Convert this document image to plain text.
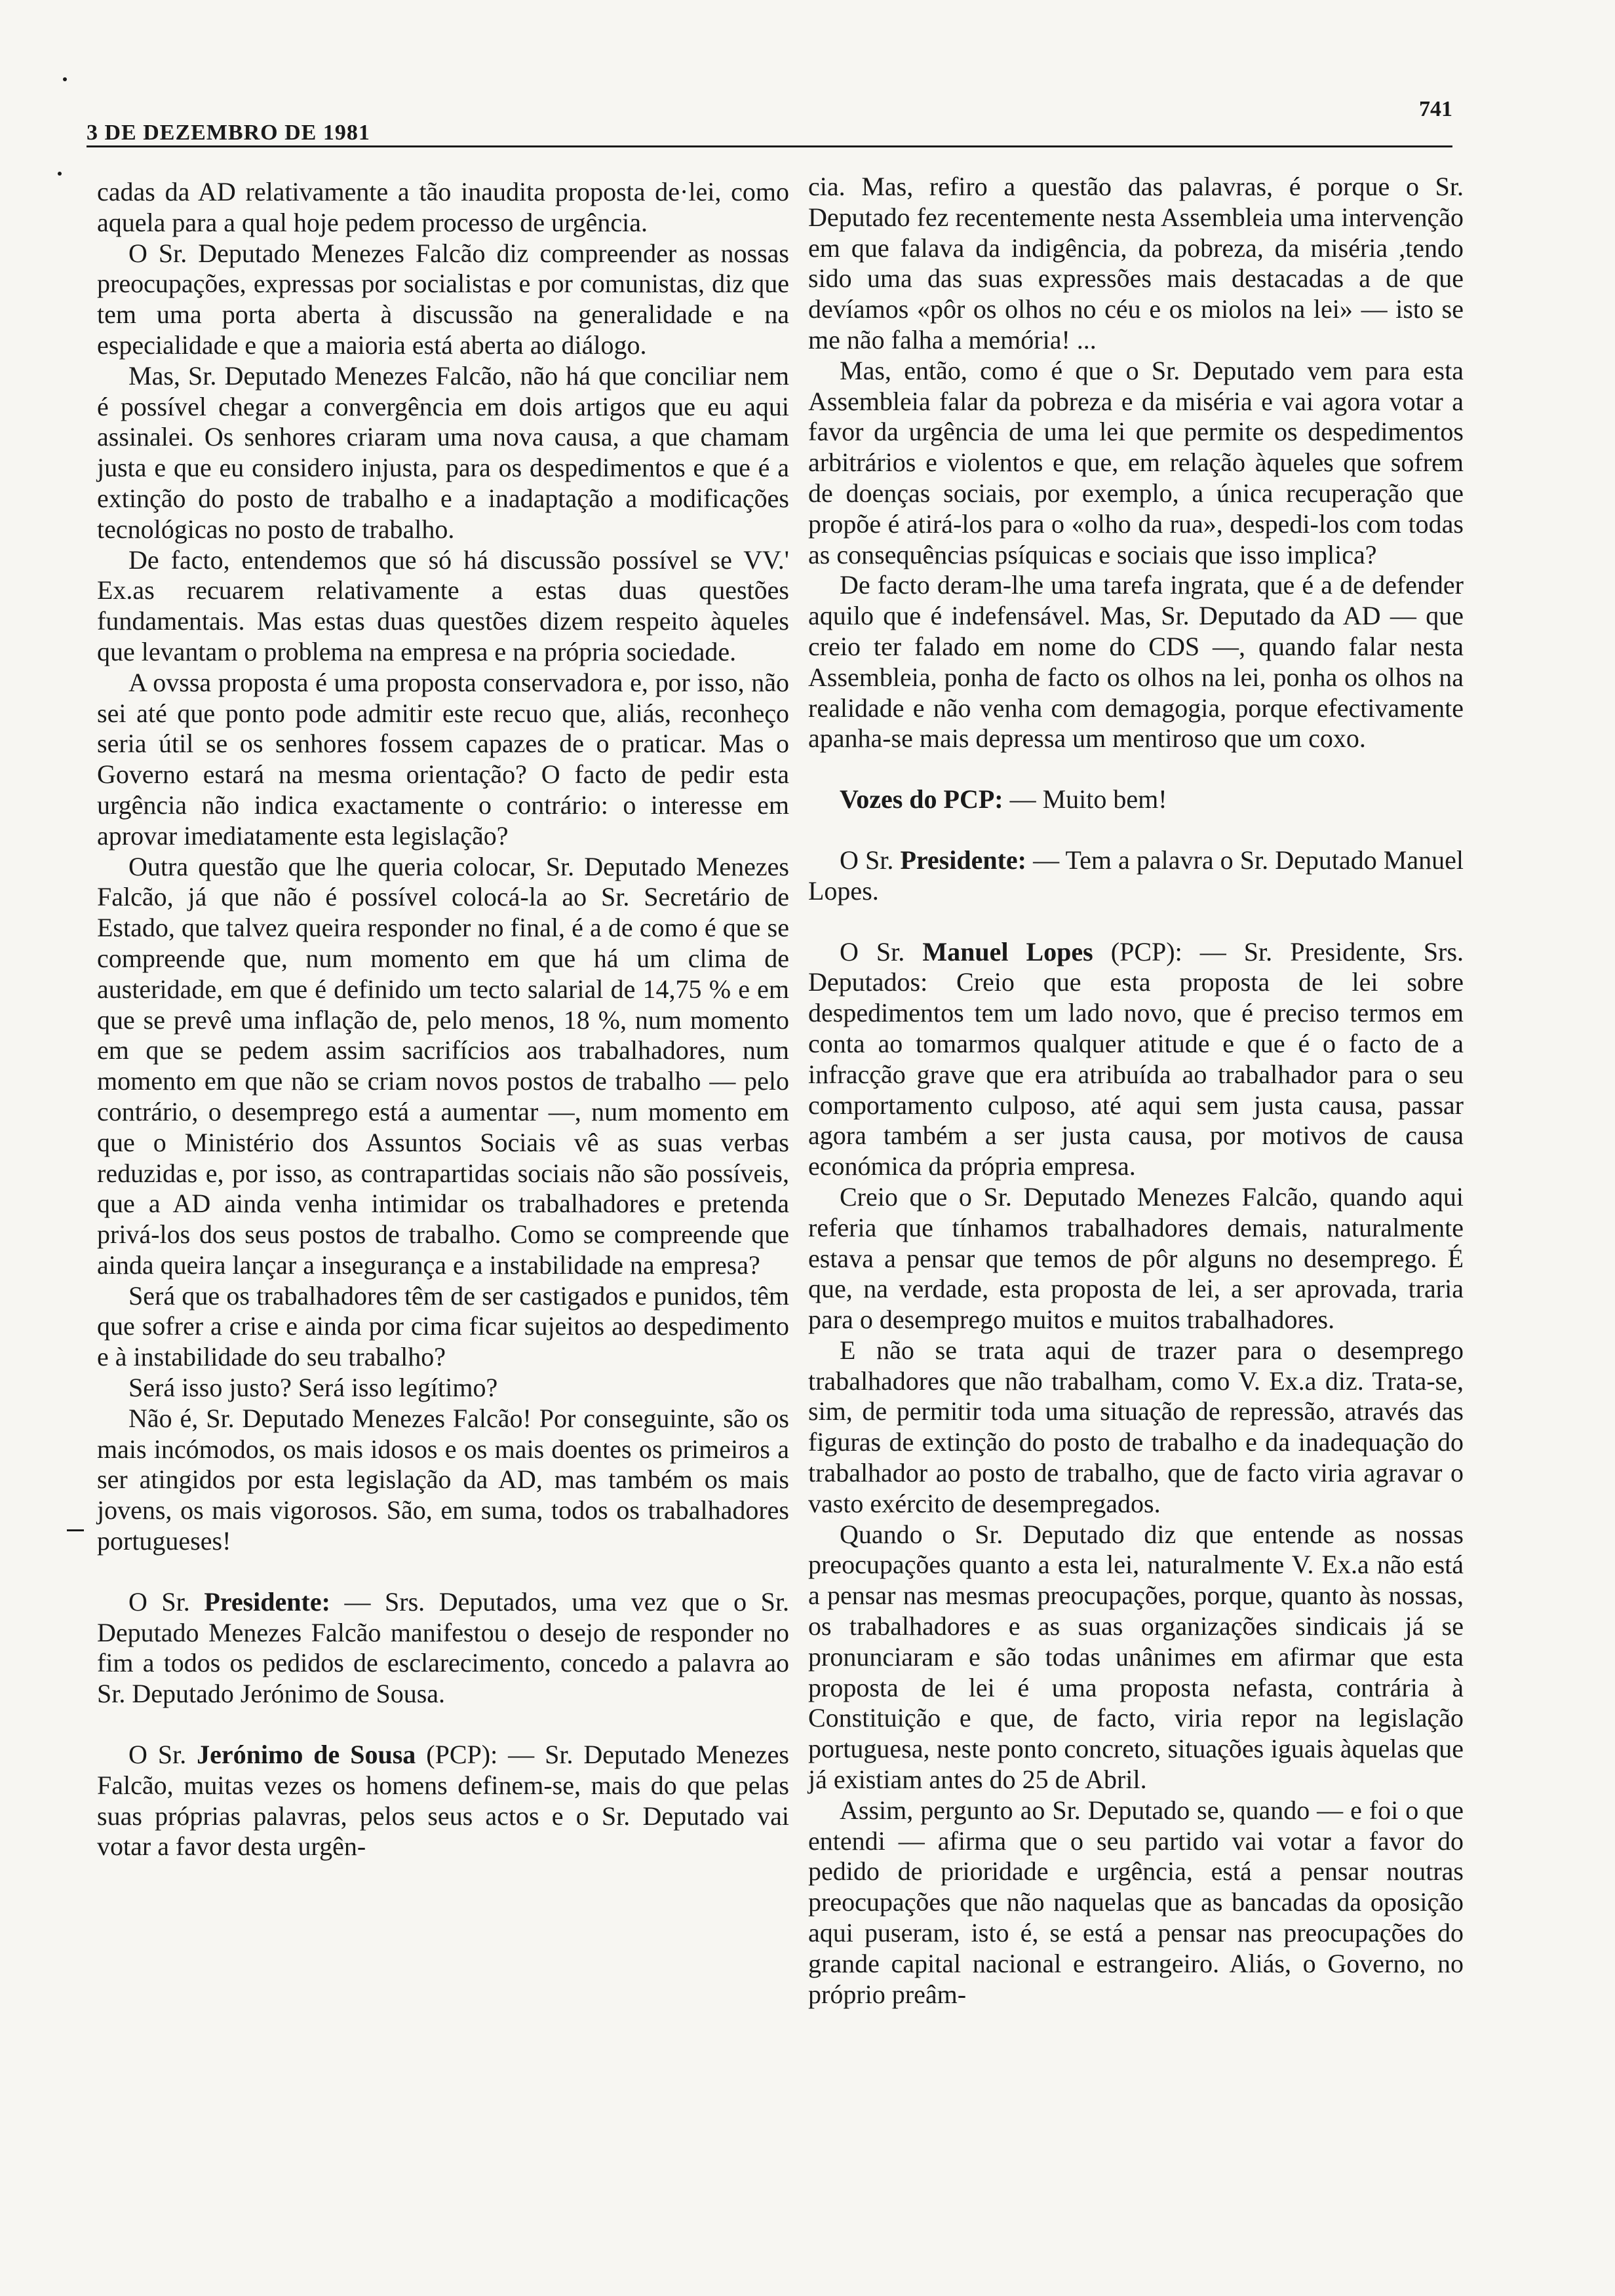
3 DE DEZEMBRO DE 1981
741

cadas da AD relativamente a tão inaudita proposta de·lei, como aquela para a qual hoje pedem processo de urgência.

O Sr. Deputado Menezes Falcão diz compreender as nossas preocupações, expressas por socialistas e por comunistas, diz que tem uma porta aberta à discussão na generalidade e na especialidade e que a maioria está aberta ao diálogo.

Mas, Sr. Deputado Menezes Falcão, não há que conciliar nem é possível chegar a convergência em dois artigos que eu aqui assinalei. Os senhores criaram uma nova causa, a que chamam justa e que eu considero injusta, para os despedimentos e que é a extinção do posto de trabalho e a inadaptação a modificações tecnológicas no posto de trabalho.

De facto, entendemos que só há discussão possível se VV.' Ex.as recuarem relativamente a estas duas questões fundamentais. Mas estas duas questões dizem respeito àqueles que levantam o problema na empresa e na própria sociedade.

A ovssa proposta é uma proposta conservadora e, por isso, não sei até que ponto pode admitir este recuo que, aliás, reconheço seria útil se os senhores fossem capazes de o praticar. Mas o Governo estará na mesma orientação? O facto de pedir esta urgência não indica exactamente o contrário: o interesse em aprovar imediatamente esta legislação?

Outra questão que lhe queria colocar, Sr. Deputado Menezes Falcão, já que não é possível colocá-la ao Sr. Secretário de Estado, que talvez queira responder no final, é a de como é que se compreende que, num momento em que há um clima de austeridade, em que é definido um tecto salarial de 14,75 % e em que se prevê uma inflação de, pelo menos, 18 %, num momento em que se pedem assim sacrifícios aos trabalhadores, num momento em que não se criam novos postos de trabalho — pelo contrário, o desemprego está a aumentar —, num momento em que o Ministério dos Assuntos Sociais vê as suas verbas reduzidas e, por isso, as contrapartidas sociais não são possíveis, que a AD ainda venha intimidar os trabalhadores e pretenda privá-los dos seus postos de trabalho. Como se compreende que ainda queira lançar a insegurança e a instabilidade na empresa?

Será que os trabalhadores têm de ser castigados e punidos, têm que sofrer a crise e ainda por cima ficar sujeitos ao despedimento e à instabilidade do seu trabalho?

Será isso justo? Será isso legítimo?

Não é, Sr. Deputado Menezes Falcão! Por conseguinte, são os mais incómodos, os mais idosos e os mais doentes os primeiros a ser atingidos por esta legislação da AD, mas também os mais jovens, os mais vigorosos. São, em suma, todos os trabalhadores portugueses!

O Sr. Presidente: — Srs. Deputados, uma vez que o Sr. Deputado Menezes Falcão manifestou o desejo de responder no fim a todos os pedidos de esclarecimento, concedo a palavra ao Sr. Deputado Jerónimo de Sousa.

O Sr. Jerónimo de Sousa (PCP): — Sr. Deputado Menezes Falcão, muitas vezes os homens definem-se, mais do que pelas suas próprias palavras, pelos seus actos e o Sr. Deputado vai votar a favor desta urgên-

cia. Mas, refiro a questão das palavras, é porque o Sr. Deputado fez recentemente nesta Assembleia uma intervenção em que falava da indigência, da pobreza, da miséria ,tendo sido uma das suas expressões mais destacadas a de que devíamos «pôr os olhos no céu e os miolos na lei» — isto se me não falha a memória! ...

Mas, então, como é que o Sr. Deputado vem para esta Assembleia falar da pobreza e da miséria e vai agora votar a favor da urgência de uma lei que permite os despedimentos arbitrários e violentos e que, em relação àqueles que sofrem de doenças sociais, por exemplo, a única recuperação que propõe é atirá-los para o «olho da rua», despedi-los com todas as consequências psíquicas e sociais que isso implica?

De facto deram-lhe uma tarefa ingrata, que é a de defender aquilo que é indefensável. Mas, Sr. Deputado da AD — que creio ter falado em nome do CDS —, quando falar nesta Assembleia, ponha de facto os olhos na lei, ponha os olhos na realidade e não venha com demagogia, porque efectivamente apanha-se mais depressa um mentiroso que um coxo.

Vozes do PCP: — Muito bem!

O Sr. Presidente: — Tem a palavra o Sr. Deputado Manuel Lopes.

O Sr. Manuel Lopes (PCP): — Sr. Presidente, Srs. Deputados: Creio que esta proposta de lei sobre despedimentos tem um lado novo, que é preciso termos em conta ao tomarmos qualquer atitude e que é o facto de a infracção grave que era atribuída ao trabalhador para o seu comportamento culposo, até aqui sem justa causa, passar agora também a ser justa causa, por motivos de causa económica da própria empresa.

Creio que o Sr. Deputado Menezes Falcão, quando aqui referia que tínhamos trabalhadores demais, naturalmente estava a pensar que temos de pôr alguns no desemprego. É que, na verdade, esta proposta de lei, a ser aprovada, traria para o desemprego muitos e muitos trabalhadores.

E não se trata aqui de trazer para o desemprego trabalhadores que não trabalham, como V. Ex.a diz. Trata-se, sim, de permitir toda uma situação de repressão, através das figuras de extinção do posto de trabalho e da inadequação do trabalhador ao posto de trabalho, que de facto viria agravar o vasto exército de desempregados.

Quando o Sr. Deputado diz que entende as nossas preocupações quanto a esta lei, naturalmente V. Ex.a não está a pensar nas mesmas preocupações, porque, quanto às nossas, os trabalhadores e as suas organizações sindicais já se pronunciaram e são todas unânimes em afirmar que esta proposta de lei é uma proposta nefasta, contrária à Constituição e que, de facto, viria repor na legislação portuguesa, neste ponto concreto, situações iguais àquelas que já existiam antes do 25 de Abril.

Assim, pergunto ao Sr. Deputado se, quando — e foi o que entendi — afirma que o seu partido vai votar a favor do pedido de prioridade e urgência, está a pensar noutras preocupações que não naquelas que as bancadas da oposição aqui puseram, isto é, se está a pensar nas preocupações do grande capital nacional e estrangeiro. Aliás, o Governo, no próprio preâm-
